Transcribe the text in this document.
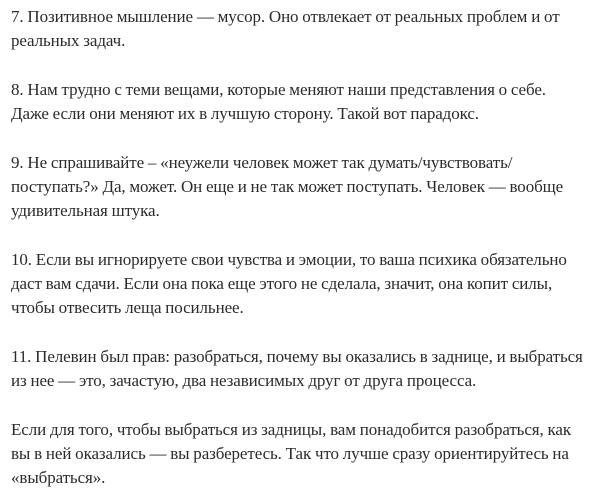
7. Позитивное мышление — мусор. Оно отвлекает от реальных проблем и от
реальных задач.

8. Нам трудно с теми вещами, которые меняют наши представления о себе.
Даже если они меняют их в лучшую сторону. Такой вот парадокс.

9. Не спрашивайте – «неужели человек может так думать/чувствовать/
поступать?» Да, может. Он еще и не так может поступать. Человек — вообще
удивительная штука.

10. Если вы игнорируете свои чувства и эмоции, то ваша психика обязательно
даст вам сдачи. Если она пока еще этого не сделала, значит, она копит силы,
чтобы отвесить леща посильнее.

11. Пелевин был прав: разобраться, почему вы оказались в заднице, и выбраться
из нее — это, зачастую, два независимых друг от друга процесса.

Если для того, чтобы выбраться из задницы, вам понадобится разобраться, как
вы в ней оказались — вы разберетесь. Так что лучше сразу ориентируйтесь на
«выбраться».
